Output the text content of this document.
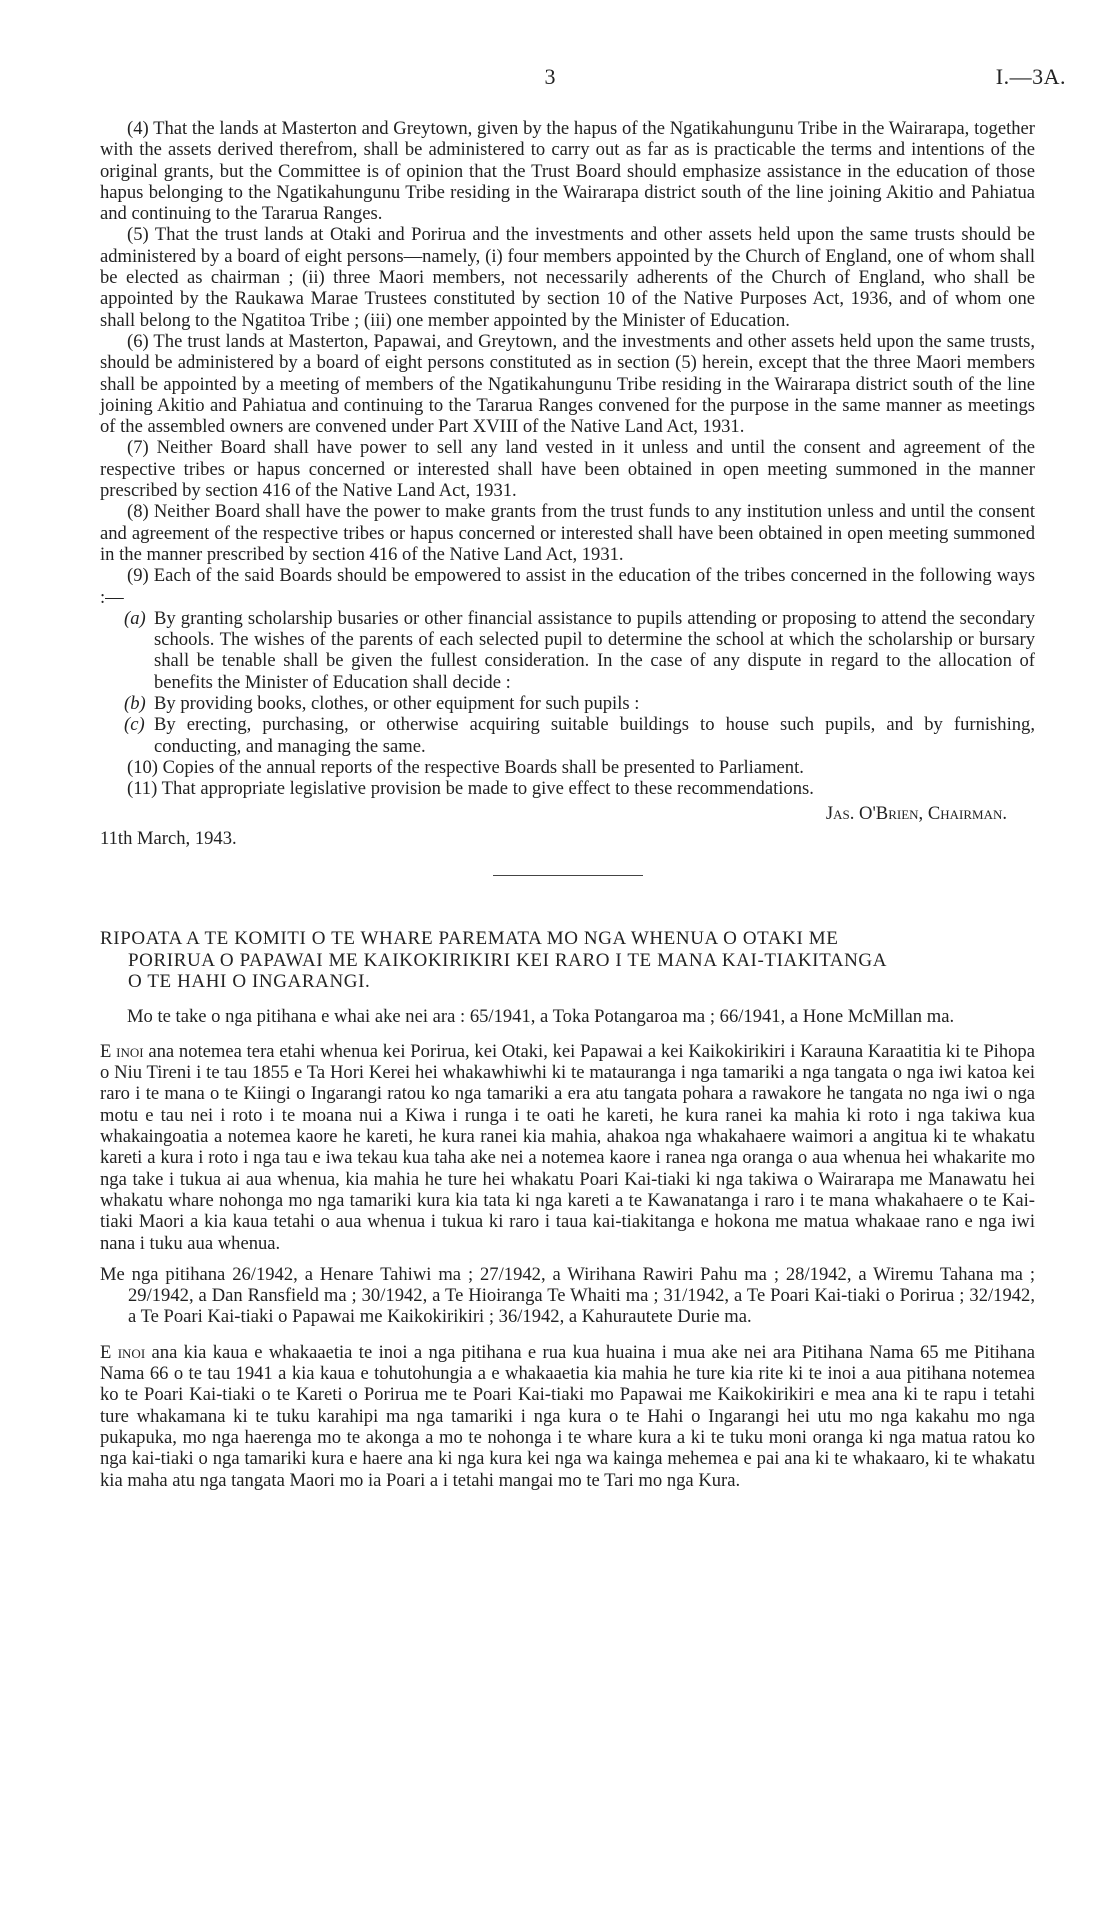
3	I.—3A.

(4) That the lands at Masterton and Greytown, given by the hapus of the Ngatikahungunu Tribe in the Wairarapa, together with the assets derived therefrom, shall be administered to carry out as far as is practicable the terms and intentions of the original grants, but the Committee is of opinion that the Trust Board should emphasize assistance in the education of those hapus belonging to the Ngatikahungunu Tribe residing in the Wairarapa district south of the line joining Akitio and Pahiatua and continuing to the Tararua Ranges.

(5) That the trust lands at Otaki and Porirua and the investments and other assets held upon the same trusts should be administered by a board of eight persons—namely, (i) four members appointed by the Church of England, one of whom shall be elected as chairman ; (ii) three Maori members, not necessarily adherents of the Church of England, who shall be appointed by the Raukawa Marae Trustees constituted by section 10 of the Native Purposes Act, 1936, and of whom one shall belong to the Ngatitoa Tribe ; (iii) one member appointed by the Minister of Education.

(6) The trust lands at Masterton, Papawai, and Greytown, and the investments and other assets held upon the same trusts, should be administered by a board of eight persons constituted as in section (5) herein, except that the three Maori members shall be appointed by a meeting of members of the Ngatikahungunu Tribe residing in the Wairarapa district south of the line joining Akitio and Pahiatua and continuing to the Tararua Ranges convened for the purpose in the same manner as meetings of the assembled owners are convened under Part XVIII of the Native Land Act, 1931.

(7) Neither Board shall have power to sell any land vested in it unless and until the consent and agreement of the respective tribes or hapus concerned or interested shall have been obtained in open meeting summoned in the manner prescribed by section 416 of the Native Land Act, 1931.

(8) Neither Board shall have the power to make grants from the trust funds to any institution unless and until the consent and agreement of the respective tribes or hapus concerned or interested shall have been obtained in open meeting summoned in the manner prescribed by section 416 of the Native Land Act, 1931.

(9) Each of the said Boards should be empowered to assist in the education of the tribes concerned in the following ways :—

(a) By granting scholarship busaries or other financial assistance to pupils attending or proposing to attend the secondary schools. The wishes of the parents of each selected pupil to determine the school at which the scholarship or bursary shall be tenable shall be given the fullest consideration. In the case of any dispute in regard to the allocation of benefits the Minister of Education shall decide :

(b) By providing books, clothes, or other equipment for such pupils :

(c) By erecting, purchasing, or otherwise acquiring suitable buildings to house such pupils, and by furnishing, conducting, and managing the same.

(10) Copies of the annual reports of the respective Boards shall be presented to Parliament.

(11) That appropriate legislative provision be made to give effect to these recommendations.

Jas. O'Brien, Chairman.

11th March, 1943.

RIPOATA A TE KOMITI O TE WHARE PAREMATA MO NGA WHENUA O OTAKI ME
PORIRUA O PAPAWAI ME KAIKOKIRIKIRI KEI RARO I TE MANA KAI-TIAKITANGA
O TE HAHI O INGARANGI.

Mo te take o nga pitihana e whai ake nei ara : 65/1941, a Toka Potangaroa ma ; 66/1941, a Hone McMillan ma.

E inoi ana notemea tera etahi whenua kei Porirua, kei Otaki, kei Papawai a kei Kaikokirikiri i Karauna Karaatitia ki te Pihopa o Niu Tireni i te tau 1855 e Ta Hori Kerei hei whakawhiwhi ki te matauranga i nga tamariki a nga tangata o nga iwi katoa kei raro i te mana o te Kiingi o Ingarangi ratou ko nga tamariki a era atu tangata pohara a rawakore he tangata no nga iwi o nga motu e tau nei i roto i te moana nui a Kiwa i runga i te oati he kareti, he kura ranei ka mahia ki roto i nga takiwa kua whakaingoatia a notemea kaore he kareti, he kura ranei kia mahia, ahakoa nga whakahaere waimori a angitua ki te whakatu kareti a kura i roto i nga tau e iwa tekau kua taha ake nei a notemea kaore i ranea nga oranga o aua whenua hei whakarite mo nga take i tukua ai aua whenua, kia mahia he ture hei whakatu Poari Kai-tiaki ki nga takiwa o Wairarapa me Manawatu hei whakatu whare nohonga mo nga tamariki kura kia tata ki nga kareti a te Kawanatanga i raro i te mana whakahaere o te Kai-tiaki Maori a kia kaua tetahi o aua whenua i tukua ki raro i taua kai-tiakitanga e hokona me matua whakaae rano e nga iwi nana i tuku aua whenua.

Me nga pitihana 26/1942, a Henare Tahiwi ma ; 27/1942, a Wirihana Rawiri Pahu ma ; 28/1942, a Wiremu Tahana ma ; 29/1942, a Dan Ransfield ma ; 30/1942, a Te Hioiranga Te Whaiti ma ; 31/1942, a Te Poari Kai-tiaki o Porirua ; 32/1942, a Te Poari Kai-tiaki o Papawai me Kaikokirikiri ; 36/1942, a Kahurautete Durie ma.

E inoi ana kia kaua e whakaaetia te inoi a nga pitihana e rua kua huaina i mua ake nei ara Pitihana Nama 65 me Pitihana Nama 66 o te tau 1941 a kia kaua e tohutohungia a e whakaaetia kia mahia he ture kia rite ki te inoi a aua pitihana notemea ko te Poari Kai-tiaki o te Kareti o Porirua me te Poari Kai-tiaki mo Papawai me Kaikokirikiri e mea ana ki te rapu i tetahi ture whakamana ki te tuku karahipi ma nga tamariki i nga kura o te Hahi o Ingarangi hei utu mo nga kakahu mo nga pukapuka, mo nga haerenga mo te akonga a mo te nohonga i te whare kura a ki te tuku moni oranga ki nga matua ratou ko nga kai-tiaki o nga tamariki kura e haere ana ki nga kura kei nga wa kainga mehemea e pai ana ki te whakaaro, ki te whakatu kia maha atu nga tangata Maori mo ia Poari a i tetahi mangai mo te Tari mo nga Kura.
